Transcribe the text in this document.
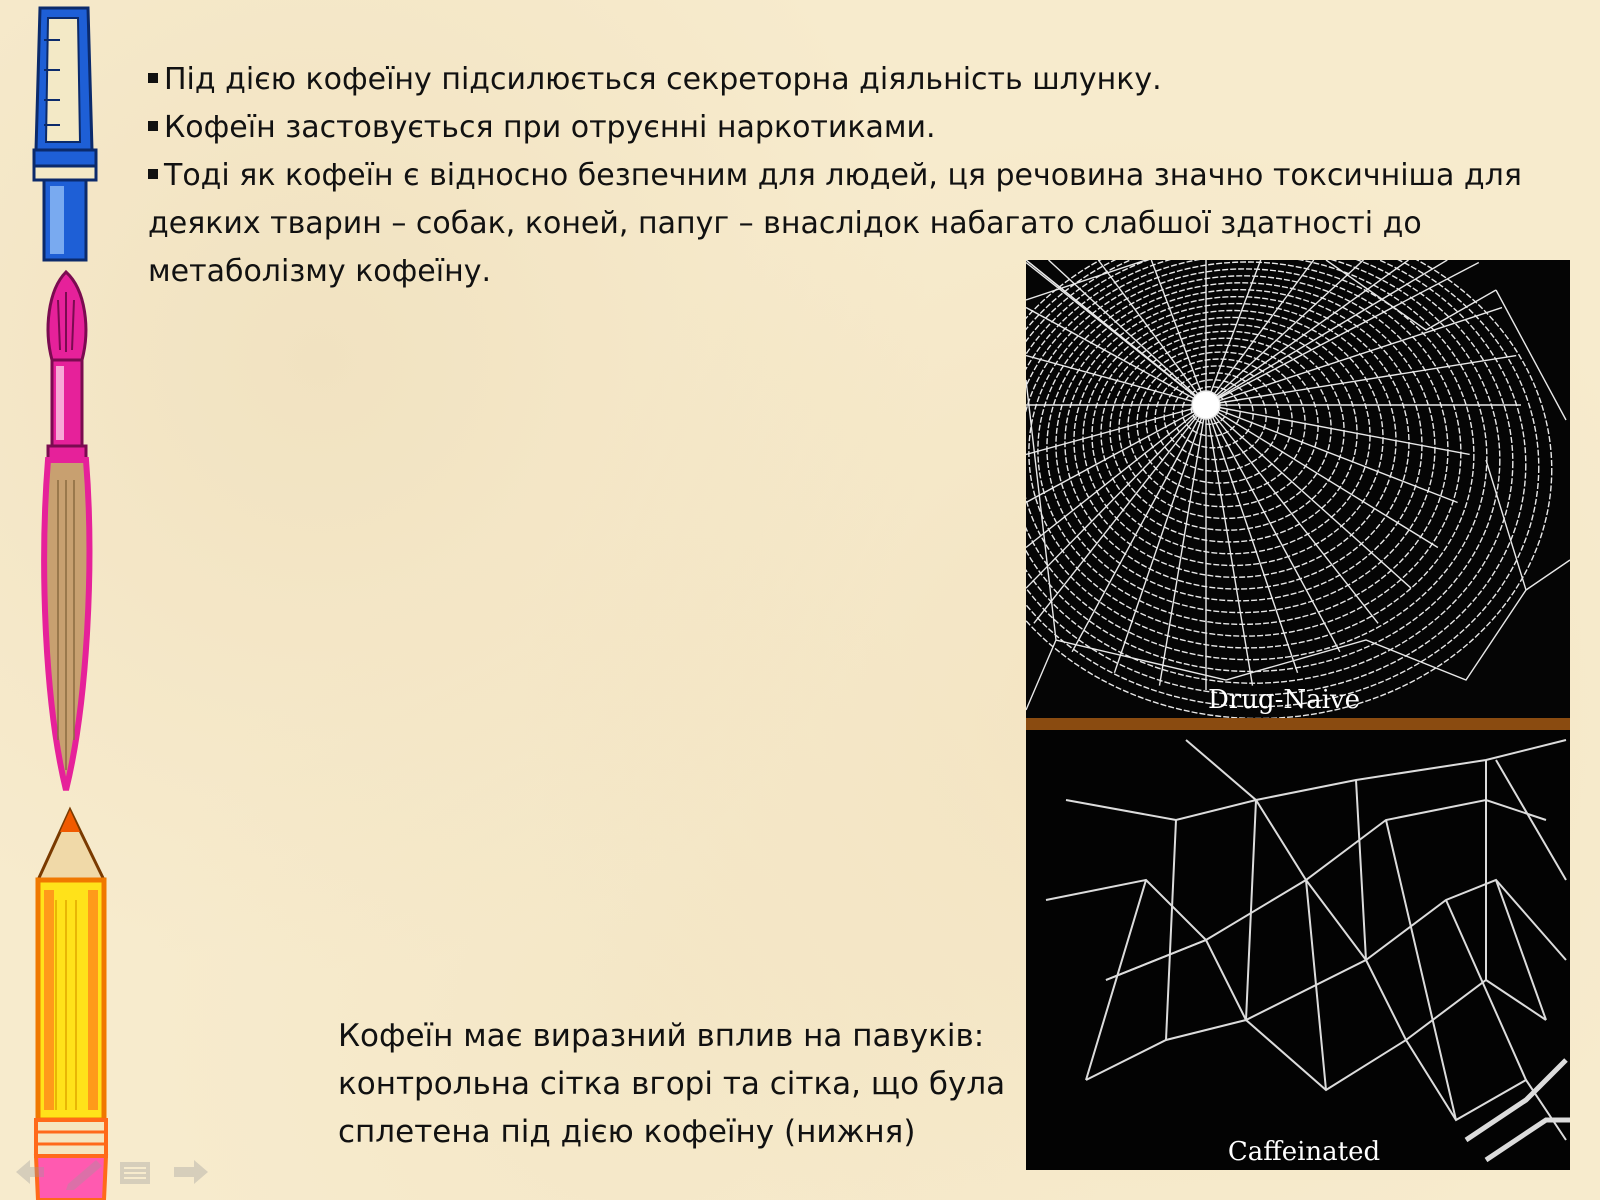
Під дією кофеїну підсилюється секреторна діяльність шлунку.

Кофеїн застовується при отруєнні наркотиками.

Тоді як кофеїн є відносно безпечним для людей, ця речовина значно токсичніша для деяких тварин – собак, коней, папуг – внаслідок набагато слабшої здатності до метаболізму кофеїну.

Drug-Naive
Caffeinated

Кофеїн має виразний вплив на павуків:

контрольна сітка вгорі та сітка, що була

сплетена під дією кофеїну (нижня)
